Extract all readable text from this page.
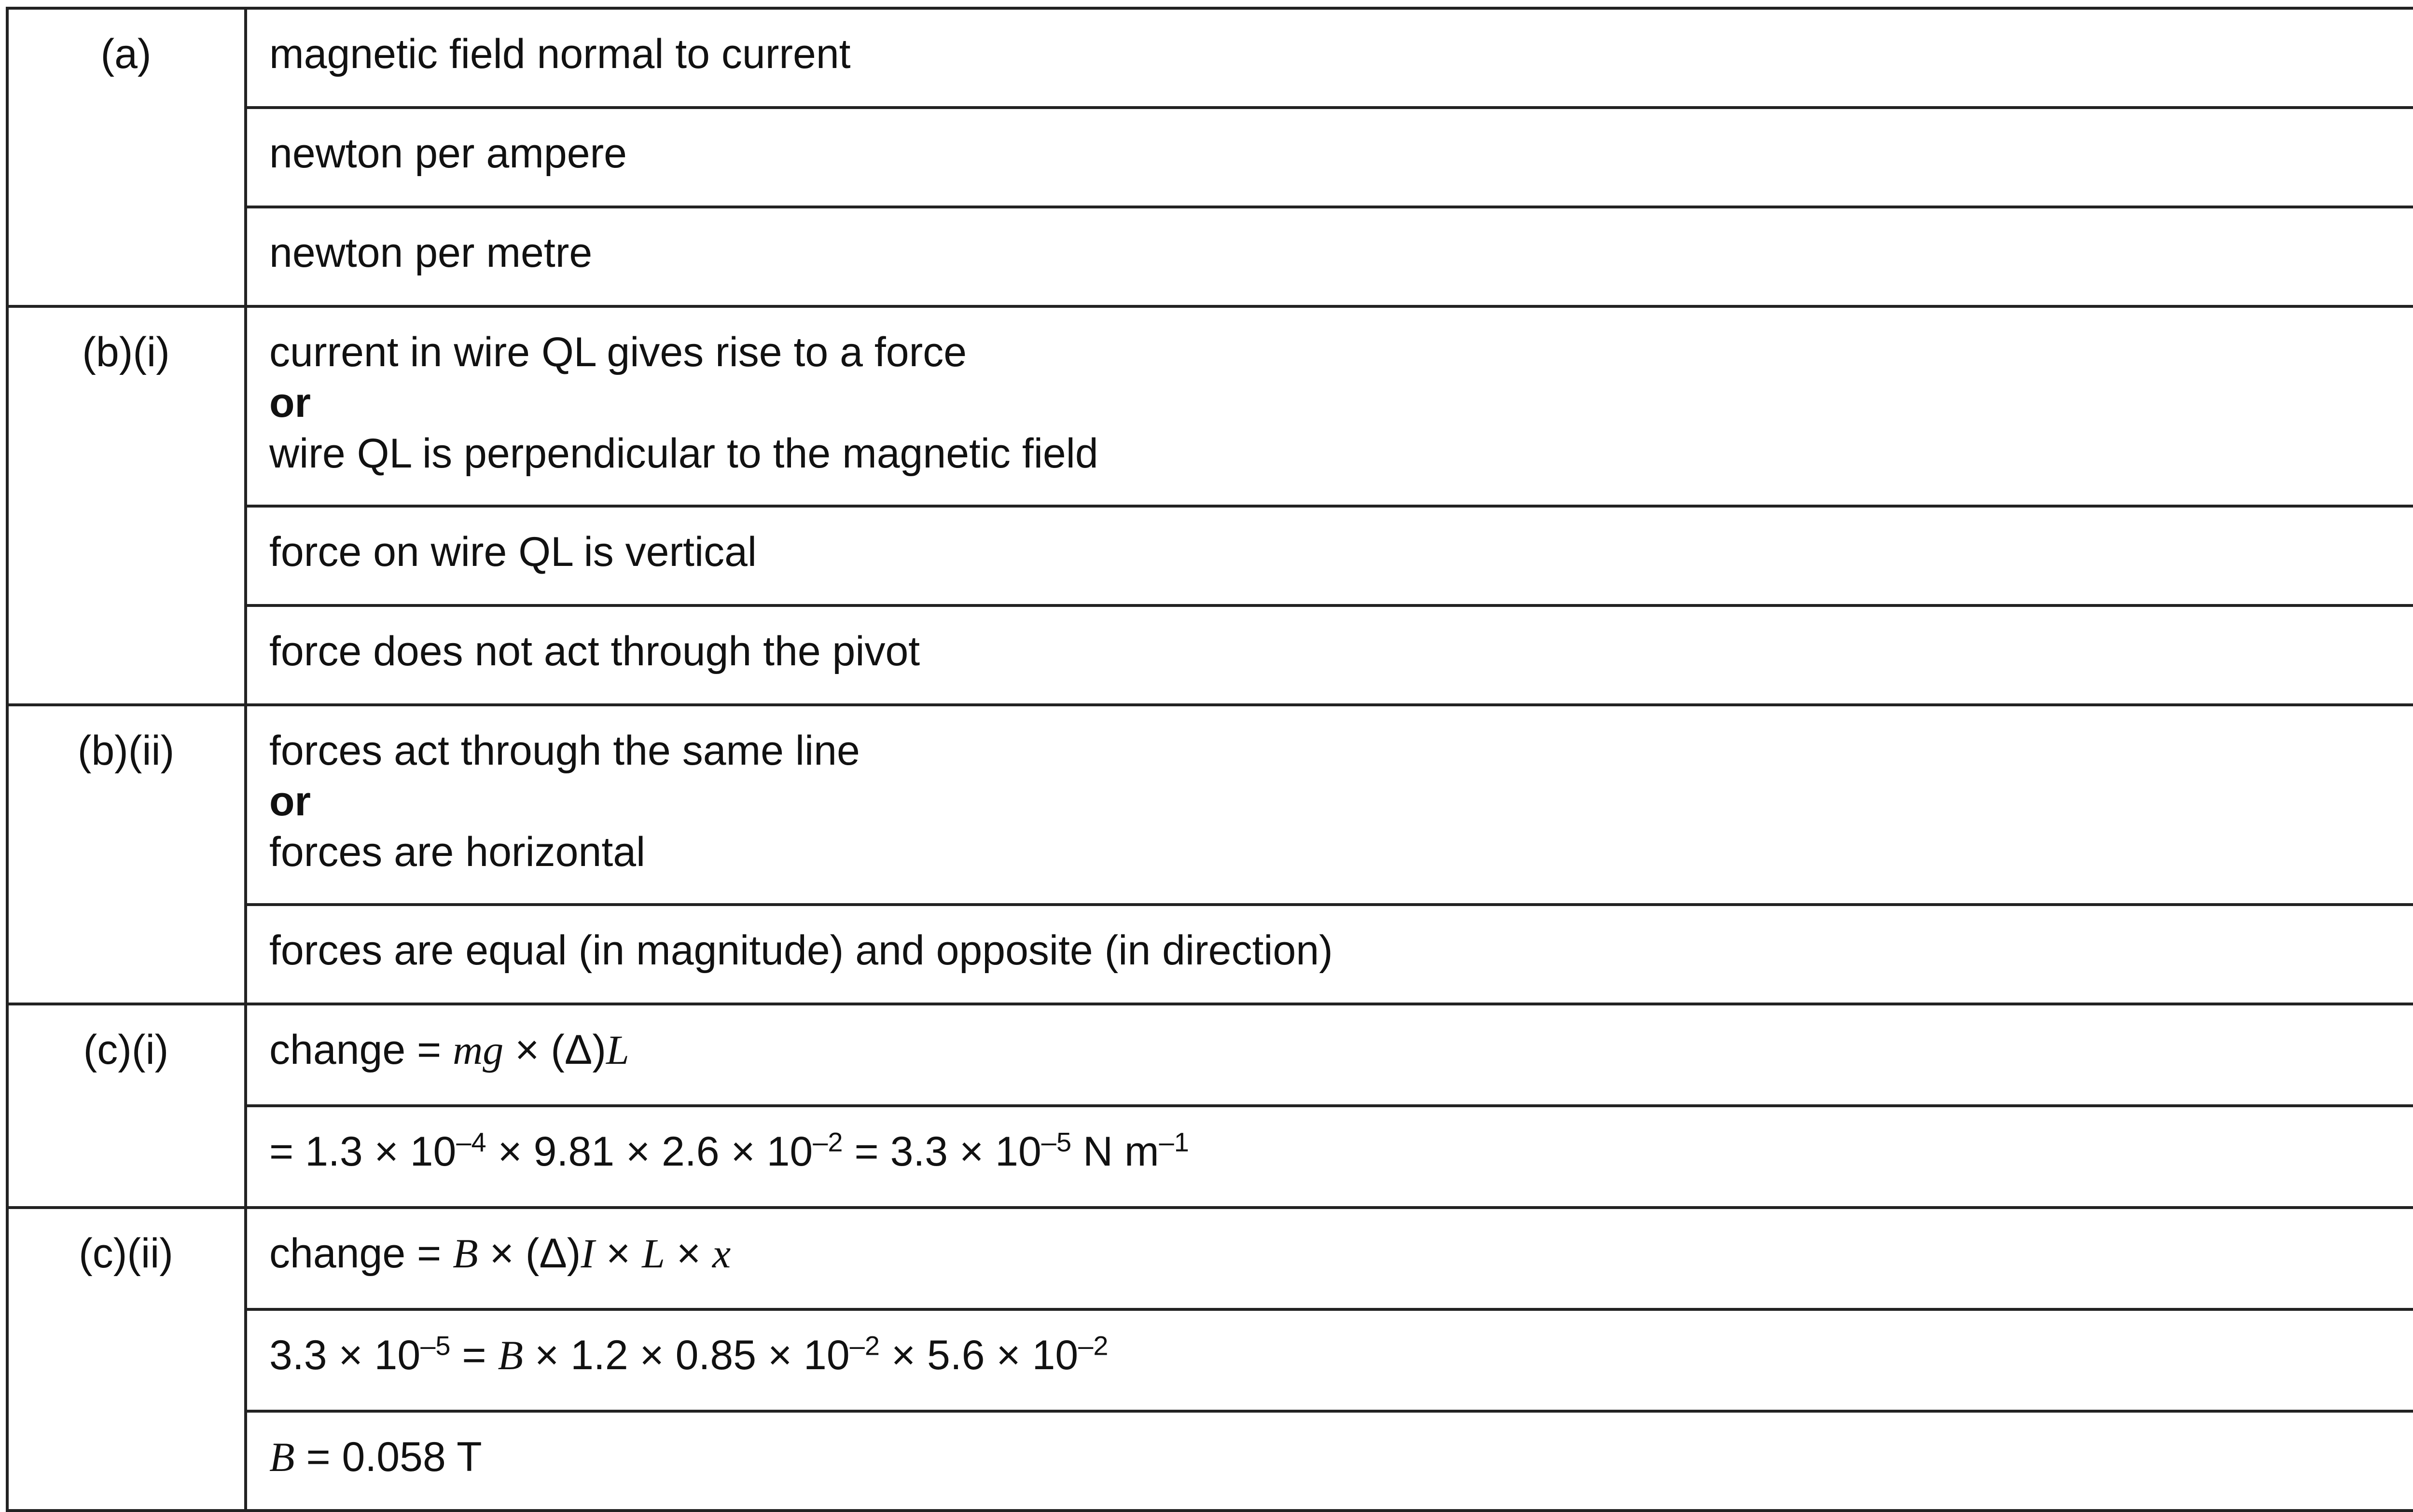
(a)	magnetic field normal to current	
	newton per ampere	
	newton per metre	
(b)(i)	current in wire QL gives rise to a force
or
wire QL is perpendicular to the magnetic field

	force on wire QL is vertical	
	force does not act through the pivot	
(b)(ii)	forces act through the same line
or
forces are horizontal

	forces are equal (in magnitude) and opposite (in direction)	
(c)(i)	change = mg × (Δ)L	
	= $1.3 \times 10^{-4} \times 9.81 \times 2.6 \times 10^{-2} = 3.3 \times 10^{-5}$ N $m^{-1}$	
(c)(ii)	change = B × (Δ)I × L × x	
	$3.3 \times 10^{-5} = B \times 1.2 \times 0.85 \times 10^{-2} \times 5.6 \times 10^{-2}$	
	B = 0.058 T	
